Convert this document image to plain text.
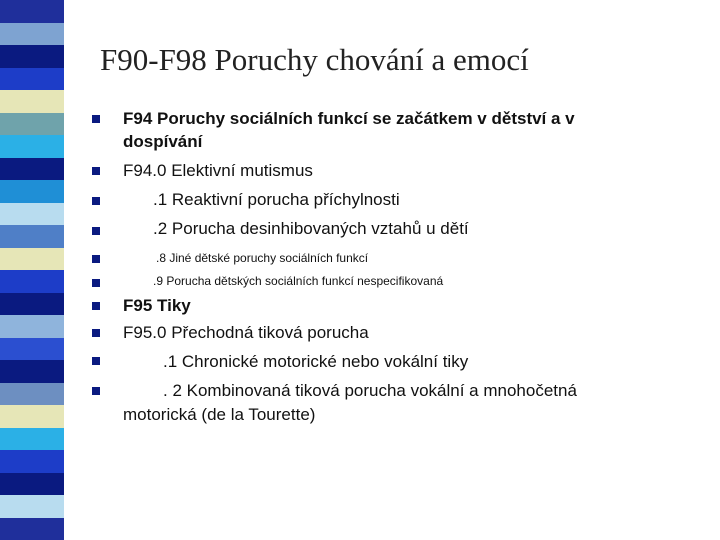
F90-F98 Poruchy chování a emocí
F94 Poruchy sociálních funkcí se začátkem v dětství a v
dospívání
F94.0 Elektivní mutismus
.1 Reaktivní porucha příchylnosti
.2 Porucha desinhibovaných vztahů u dětí
.8 Jiné dětské poruchy sociálních funkcí
.9 Porucha dětských sociálních funkcí nespecifikovaná
F95 Tiky
F95.0 Přechodná tiková porucha
.1 Chronické motorické nebo vokální tiky
. 2 Kombinovaná tiková porucha vokální a mnohočetná
motorická (de la Tourette)
